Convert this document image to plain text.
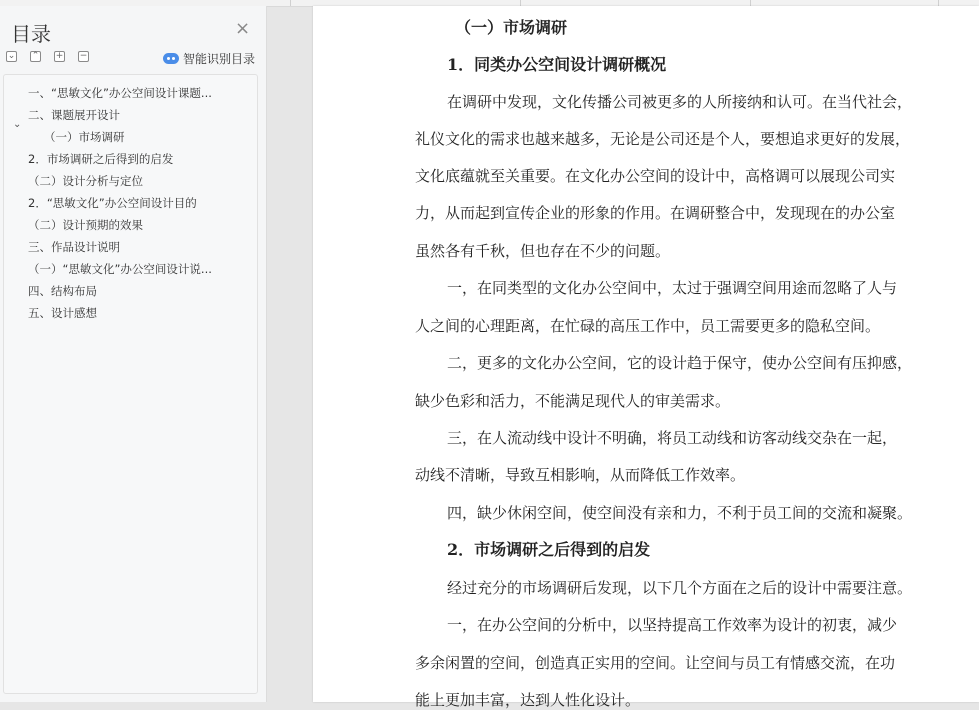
目录	×
⌄ ⌃ + −	智能识别目录
⌄
一、“思敏文化”办公空间设计课题...
二、课题展开设计
（一）市场调研
2．市场调研之后得到的启发
（二）设计分析与定位
2．“思敏文化”办公空间设计目的
（二）设计预期的效果
三、作品设计说明
（一）“思敏文化”办公空间设计说...
四、结构布局
五、设计感想
（一）市场调研
1．同类办公空间设计调研概况
在调研中发现，文化传播公司被更多的人所接纳和认可。在当代社会，
礼仪文化的需求也越来越多，无论是公司还是个人，要想追求更好的发展，
文化底蕴就至关重要。在文化办公空间的设计中，高格调可以展现公司实
力，从而起到宣传企业的形象的作用。在调研整合中，发现现在的办公室
虽然各有千秋，但也存在不少的问题。
一，在同类型的文化办公空间中，太过于强调空间用途而忽略了人与
人之间的心理距离，在忙碌的高压工作中，员工需要更多的隐私空间。
二，更多的文化办公空间，它的设计趋于保守，使办公空间有压抑感，
缺少色彩和活力，不能满足现代人的审美需求。
三，在人流动线中设计不明确，将员工动线和访客动线交杂在一起，
动线不清晰，导致互相影响，从而降低工作效率。
四，缺少休闲空间，使空间没有亲和力，不利于员工间的交流和凝聚。
2．市场调研之后得到的启发
经过充分的市场调研后发现，以下几个方面在之后的设计中需要注意。
一，在办公空间的分析中，以坚持提高工作效率为设计的初衷，减少
多余闲置的空间，创造真正实用的空间。让空间与员工有情感交流，在功
能上更加丰富，达到人性化设计。
